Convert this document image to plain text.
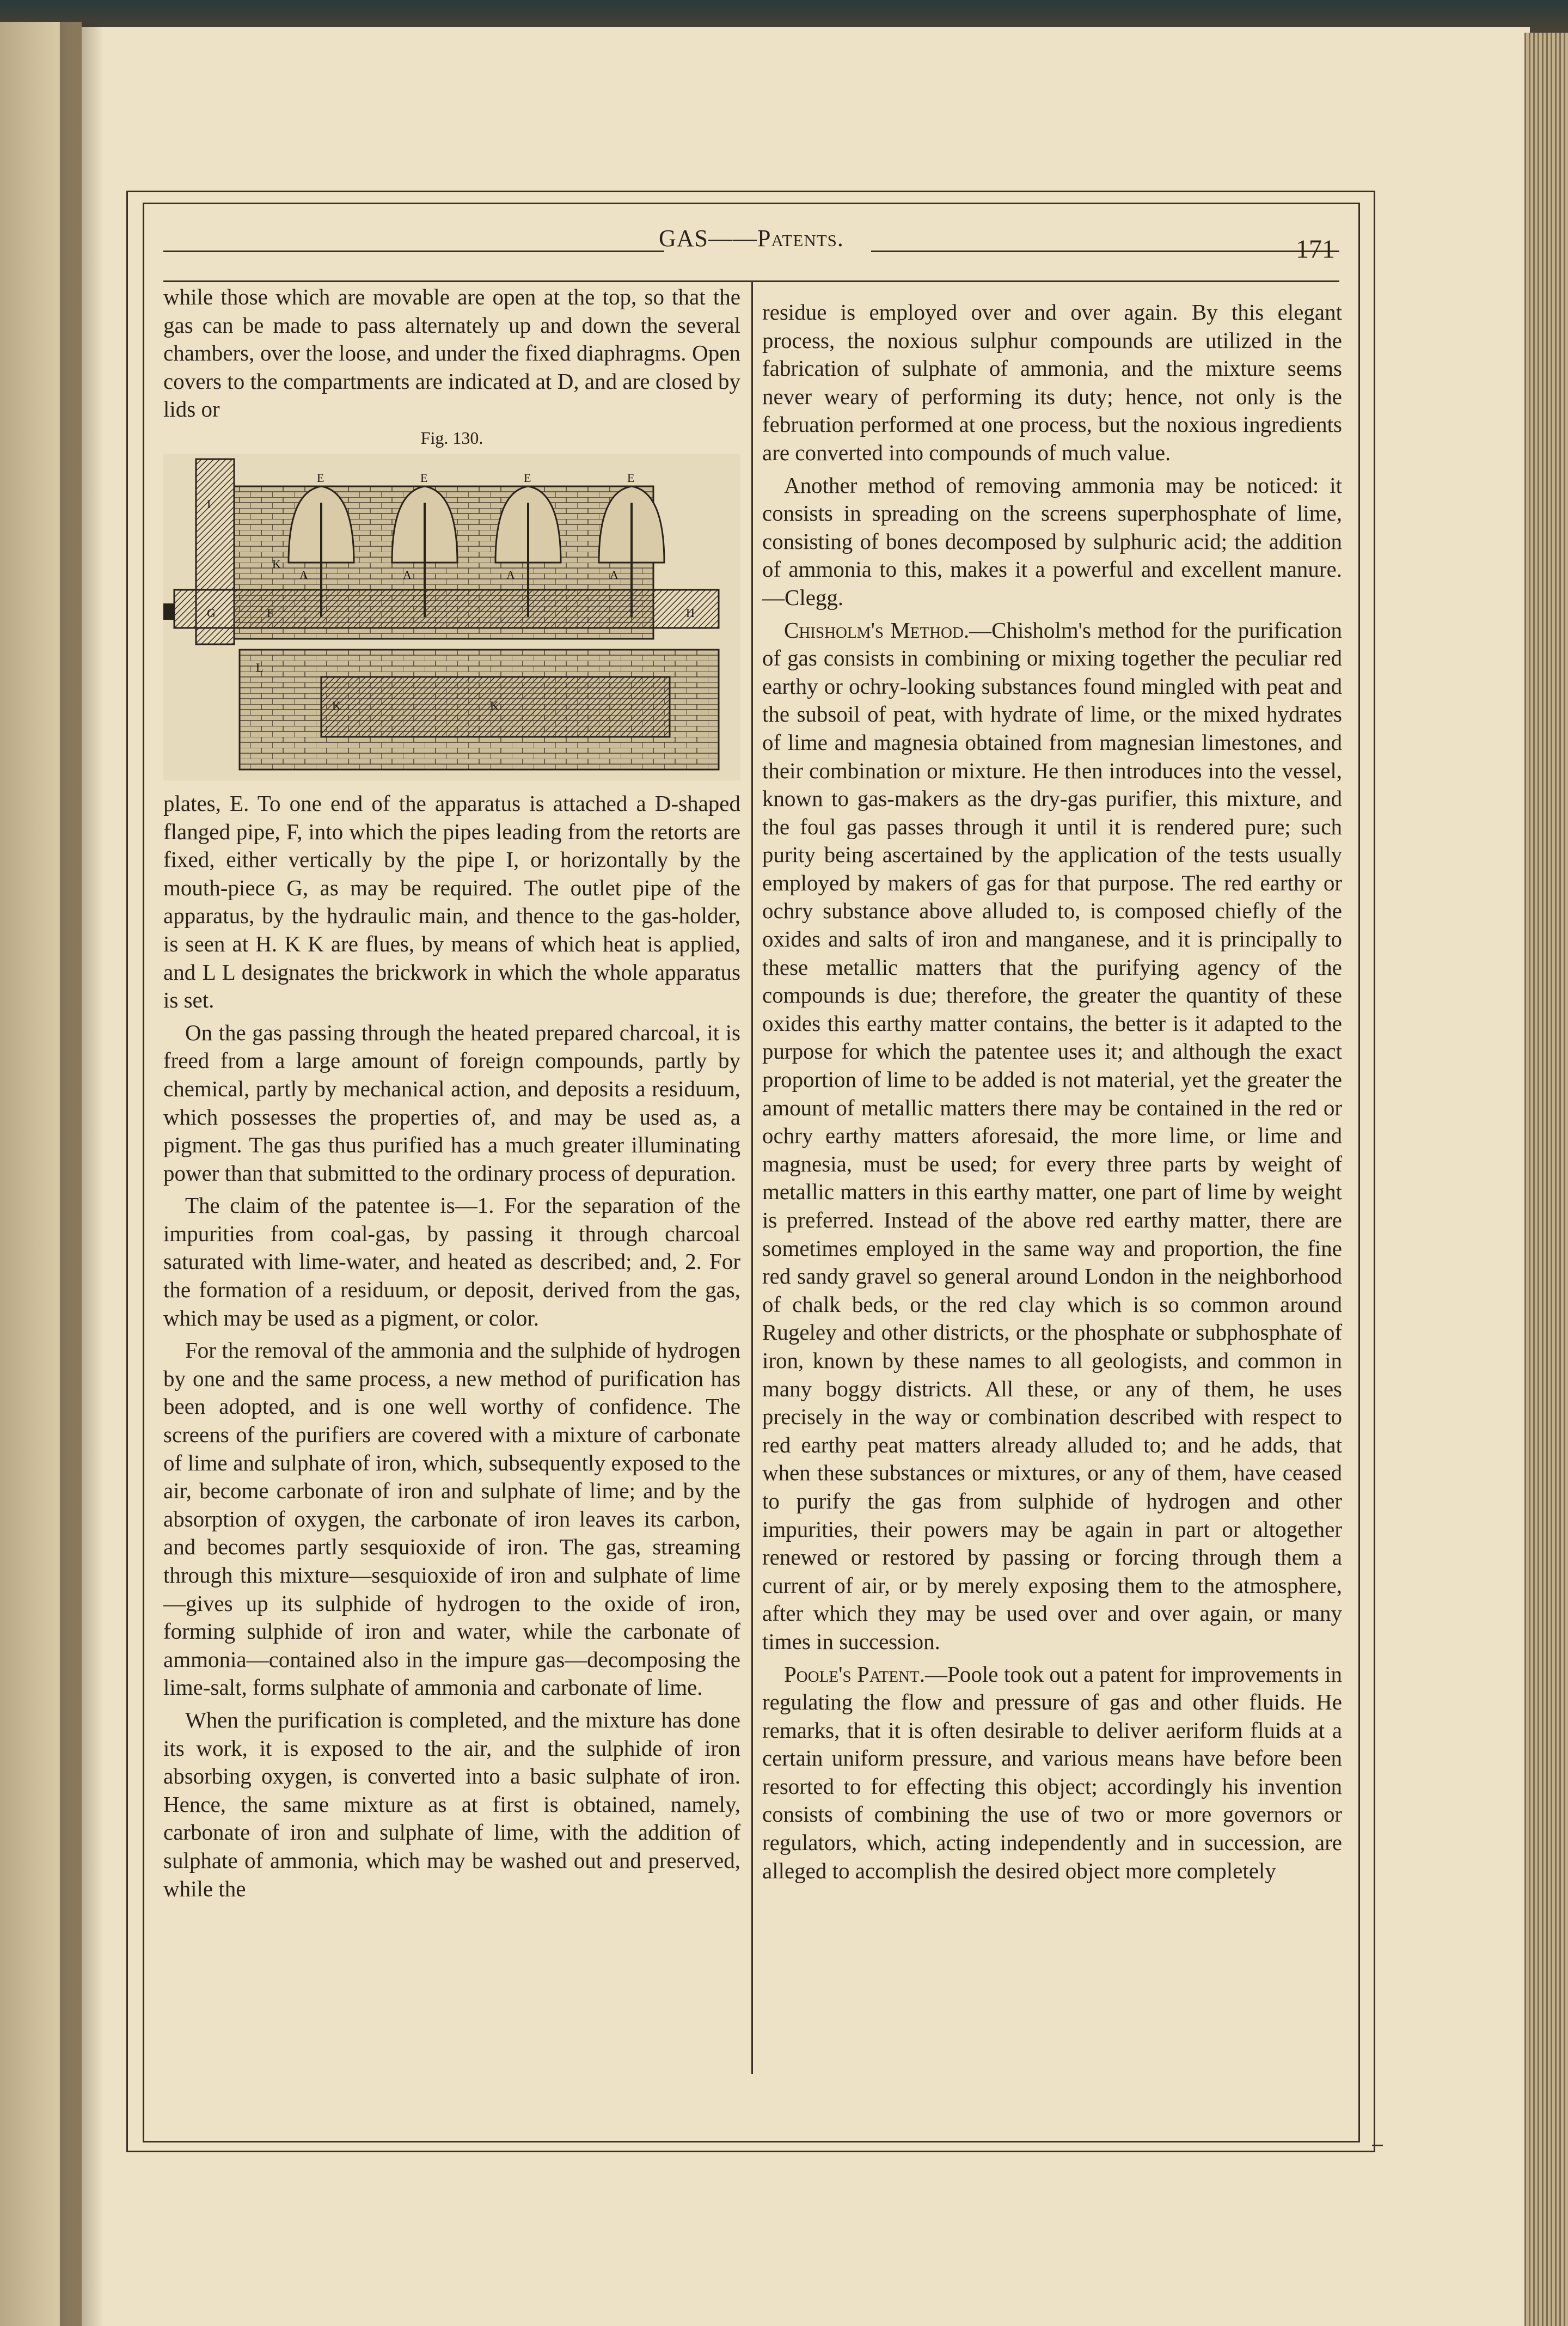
GAS——Patents.	171

while those which are movable are open at the top, so that the gas can be made to pass alternately up and down the several chambers, over the loose, and under the fixed diaphragms. Open covers to the compartments are indicated at D, and are closed by lids or

Fig. 130.
E	E	E	E
K
K	K
A	A	A	A
G	F	H
I
L

plates, E. To one end of the apparatus is attached a D-shaped flanged pipe, F, into which the pipes leading from the retorts are fixed, either vertically by the pipe I, or horizontally by the mouth-piece G, as may be required. The outlet pipe of the apparatus, by the hydraulic main, and thence to the gas-holder, is seen at H. K K are flues, by means of which heat is applied, and L L designates the brickwork in which the whole apparatus is set.

On the gas passing through the heated prepared charcoal, it is freed from a large amount of foreign compounds, partly by chemical, partly by mechanical action, and deposits a residuum, which possesses the properties of, and may be used as, a pigment. The gas thus purified has a much greater illuminating power than that submitted to the ordinary process of depuration.

The claim of the patentee is—1. For the separation of the impurities from coal-gas, by passing it through charcoal saturated with lime-water, and heated as described; and, 2. For the formation of a residuum, or deposit, derived from the gas, which may be used as a pigment, or color.

For the removal of the ammonia and the sulphide of hydrogen by one and the same process, a new method of purification has been adopted, and is one well worthy of confidence. The screens of the purifiers are covered with a mixture of carbonate of lime and sulphate of iron, which, subsequently exposed to the air, become carbonate of iron and sulphate of lime; and by the absorption of oxygen, the carbonate of iron leaves its carbon, and becomes partly sesquioxide of iron. The gas, streaming through this mixture—sesquioxide of iron and sulphate of lime—gives up its sulphide of hydrogen to the oxide of iron, forming sulphide of iron and water, while the carbonate of ammonia—contained also in the impure gas—decomposing the lime-salt, forms sulphate of ammonia and carbonate of lime.

When the purification is completed, and the mixture has done its work, it is exposed to the air, and the sulphide of iron absorbing oxygen, is converted into a basic sulphate of iron. Hence, the same mixture as at first is obtained, namely, carbonate of iron and sulphate of lime, with the addition of sulphate of ammonia, which may be washed out and preserved, while the

residue is employed over and over again. By this elegant process, the noxious sulphur compounds are utilized in the fabrication of sulphate of ammonia, and the mixture seems never weary of performing its duty; hence, not only is the februation performed at one process, but the noxious ingredients are converted into compounds of much value.

Another method of removing ammonia may be noticed: it consists in spreading on the screens superphosphate of lime, consisting of bones decomposed by sulphuric acid; the addition of ammonia to this, makes it a powerful and excellent manure.—Clegg.

Chisholm's Method.—Chisholm's method for the purification of gas consists in combining or mixing together the peculiar red earthy or ochry-looking substances found mingled with peat and the subsoil of peat, with hydrate of lime, or the mixed hydrates of lime and magnesia obtained from magnesian limestones, and their combination or mixture. He then introduces into the vessel, known to gas-makers as the dry-gas purifier, this mixture, and the foul gas passes through it until it is rendered pure; such purity being ascertained by the application of the tests usually employed by makers of gas for that purpose. The red earthy or ochry substance above alluded to, is composed chiefly of the oxides and salts of iron and manganese, and it is principally to these metallic matters that the purifying agency of the compounds is due; therefore, the greater the quantity of these oxides this earthy matter contains, the better is it adapted to the purpose for which the patentee uses it; and although the exact proportion of lime to be added is not material, yet the greater the amount of metallic matters there may be contained in the red or ochry earthy matters aforesaid, the more lime, or lime and magnesia, must be used; for every three parts by weight of metallic matters in this earthy matter, one part of lime by weight is preferred. Instead of the above red earthy matter, there are sometimes employed in the same way and proportion, the fine red sandy gravel so general around London in the neighborhood of chalk beds, or the red clay which is so common around Rugeley and other districts, or the phosphate or subphosphate of iron, known by these names to all geologists, and common in many boggy districts. All these, or any of them, he uses precisely in the way or combination described with respect to red earthy peat matters already alluded to; and he adds, that when these substances or mixtures, or any of them, have ceased to purify the gas from sulphide of hydrogen and other impurities, their powers may be again in part or altogether renewed or restored by passing or forcing through them a current of air, or by merely exposing them to the atmosphere, after which they may be used over and over again, or many times in succession.

Poole's Patent.—Poole took out a patent for improvements in regulating the flow and pressure of gas and other fluids. He remarks, that it is often desirable to deliver aeriform fluids at a certain uniform pressure, and various means have before been resorted to for effecting this object; accordingly his invention consists of combining the use of two or more governors or regulators, which, acting independently and in succession, are alleged to accomplish the desired object more completely
